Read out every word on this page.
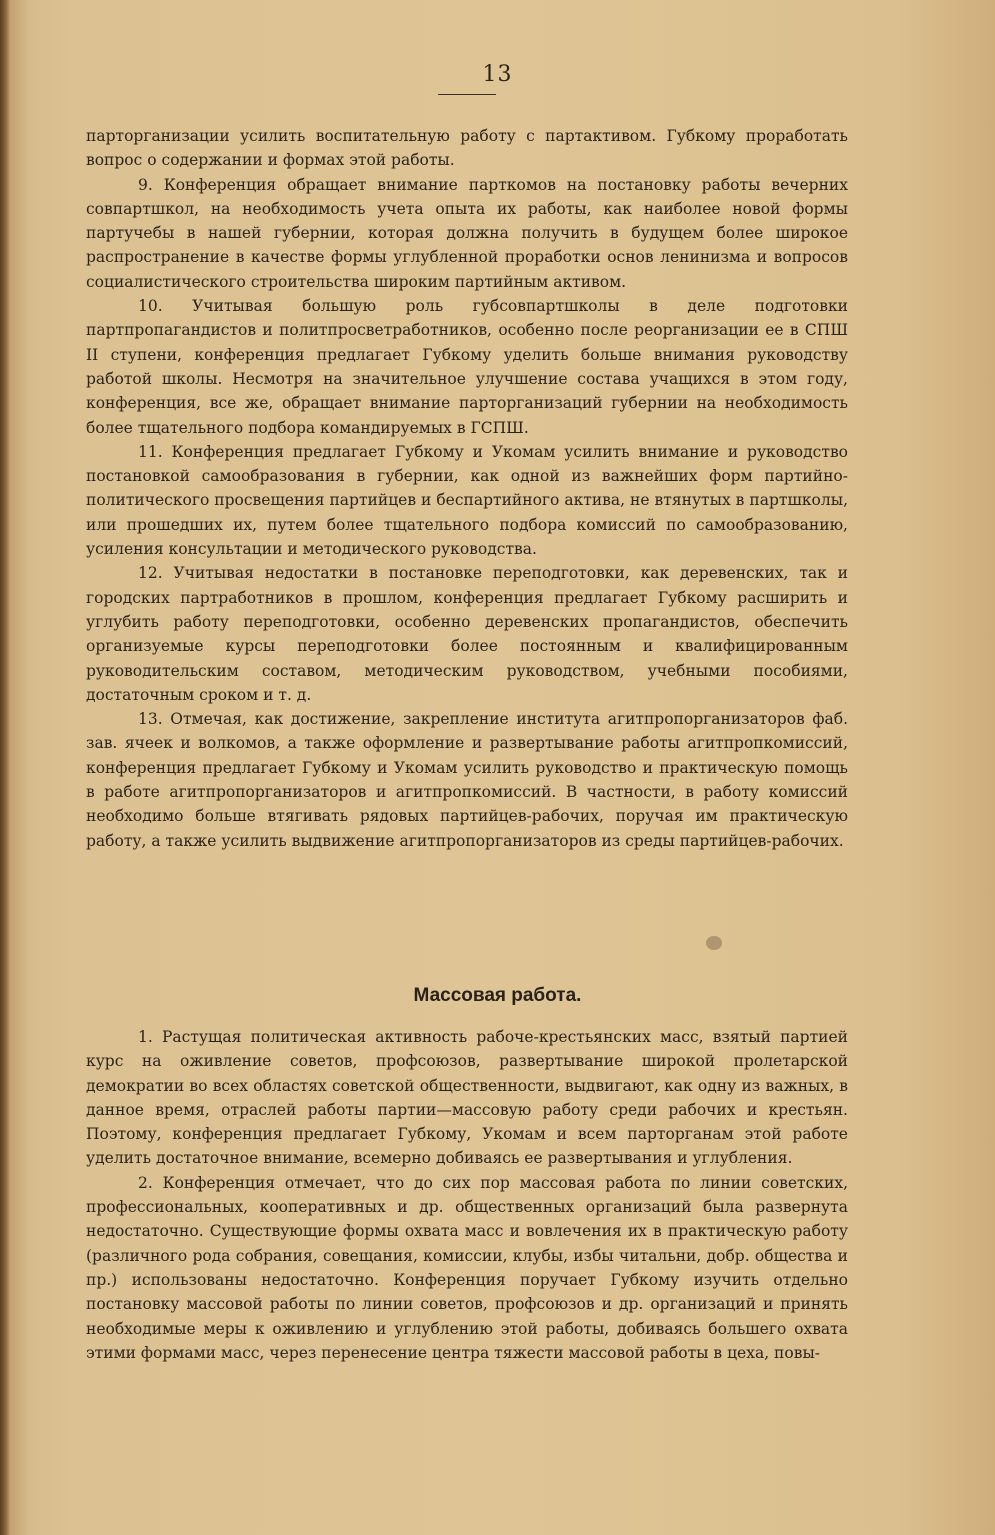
13

парторганизации усилить воспитательную работу с партактивом. Губкому проработать вопрос о содержании и формах этой работы.

9. Конференция обращает внимание парткомов на постановку работы вечерних совпартшкол, на необходимость учета опыта их работы, как наиболее новой формы партучебы в нашей губернии, которая должна получить в будущем более широкое распространение в качестве формы углубленной проработки основ ленинизма и вопросов социалистического строительства широким партийным активом.

10. Учитывая большую роль губсовпартшколы в деле подготовки партпропагандистов и политпросветработников, особенно после реорганизации ее в СПШ II ступени, конференция предлагает Губкому уделить больше внимания руководству работой школы. Несмотря на значительное улучшение состава учащихся в этом году, конференция, все же, обращает внимание парторганизаций губернии на необходимость более тщательного подбора командируемых в ГСПШ.

11. Конференция предлагает Губкому и Укомам усилить внимание и руководство постановкой самообразования в губернии, как одной из важнейших форм партийно-политического просвещения партийцев и беспартийного актива, не втянутых в партшколы, или прошедших их, путем более тщательного подбора комиссий по самообразованию, усиления консультации и методического руководства.

12. Учитывая недостатки в постановке переподготовки, как деревенских, так и городских партработников в прошлом, конференция предлагает Губкому расширить и углубить работу переподготовки, особенно деревенских пропагандистов, обеспечить организуемые курсы переподготовки более постоянным и квалифицированным руководительским составом, методическим руководством, учебными пособиями, достаточным сроком и т. д.

13. Отмечая, как достижение, закрепление института агитпропорганизаторов фаб. зав. ячеек и волкомов, а также оформление и развертывание работы агитпропкомиссий, конференция предлагает Губкому и Укомам усилить руководство и практическую помощь в работе агитпропорганизаторов и агитпропкомиссий. В частности, в работу комиссий необходимо больше втягивать рядовых партийцев-рабочих, поручая им практическую работу, а также усилить выдвижение агитпропорганизаторов из среды партийцев-рабочих.

Массовая работа.

1. Растущая политическая активность рабоче-крестьянских масс, взятый партией курс на оживление советов, профсоюзов, развертывание широкой пролетарской демократии во всех областях советской общественности, выдвигают, как одну из важных, в данное время, отраслей работы партии—массовую работу среди рабочих и крестьян. Поэтому, конференция предлагает Губкому, Укомам и всем парторганам этой работе уделить достаточное внимание, всемерно добиваясь ее развертывания и углубления.

2. Конференция отмечает, что до сих пор массовая работа по линии советских, профессиональных, кооперативных и др. общественных организаций была развернута недостаточно. Существующие формы охвата масс и вовлечения их в практическую работу (различного рода собрания, совещания, комиссии, клубы, избы читальни, добр. общества и пр.) использованы недостаточно. Конференция поручает Губкому изучить отдельно постановку массовой работы по линии советов, профсоюзов и др. организаций и принять необходимые меры к оживлению и углублению этой работы, добиваясь большего охвата этими формами масс, через перенесение центра тяжести массовой работы в цеха, повы-
